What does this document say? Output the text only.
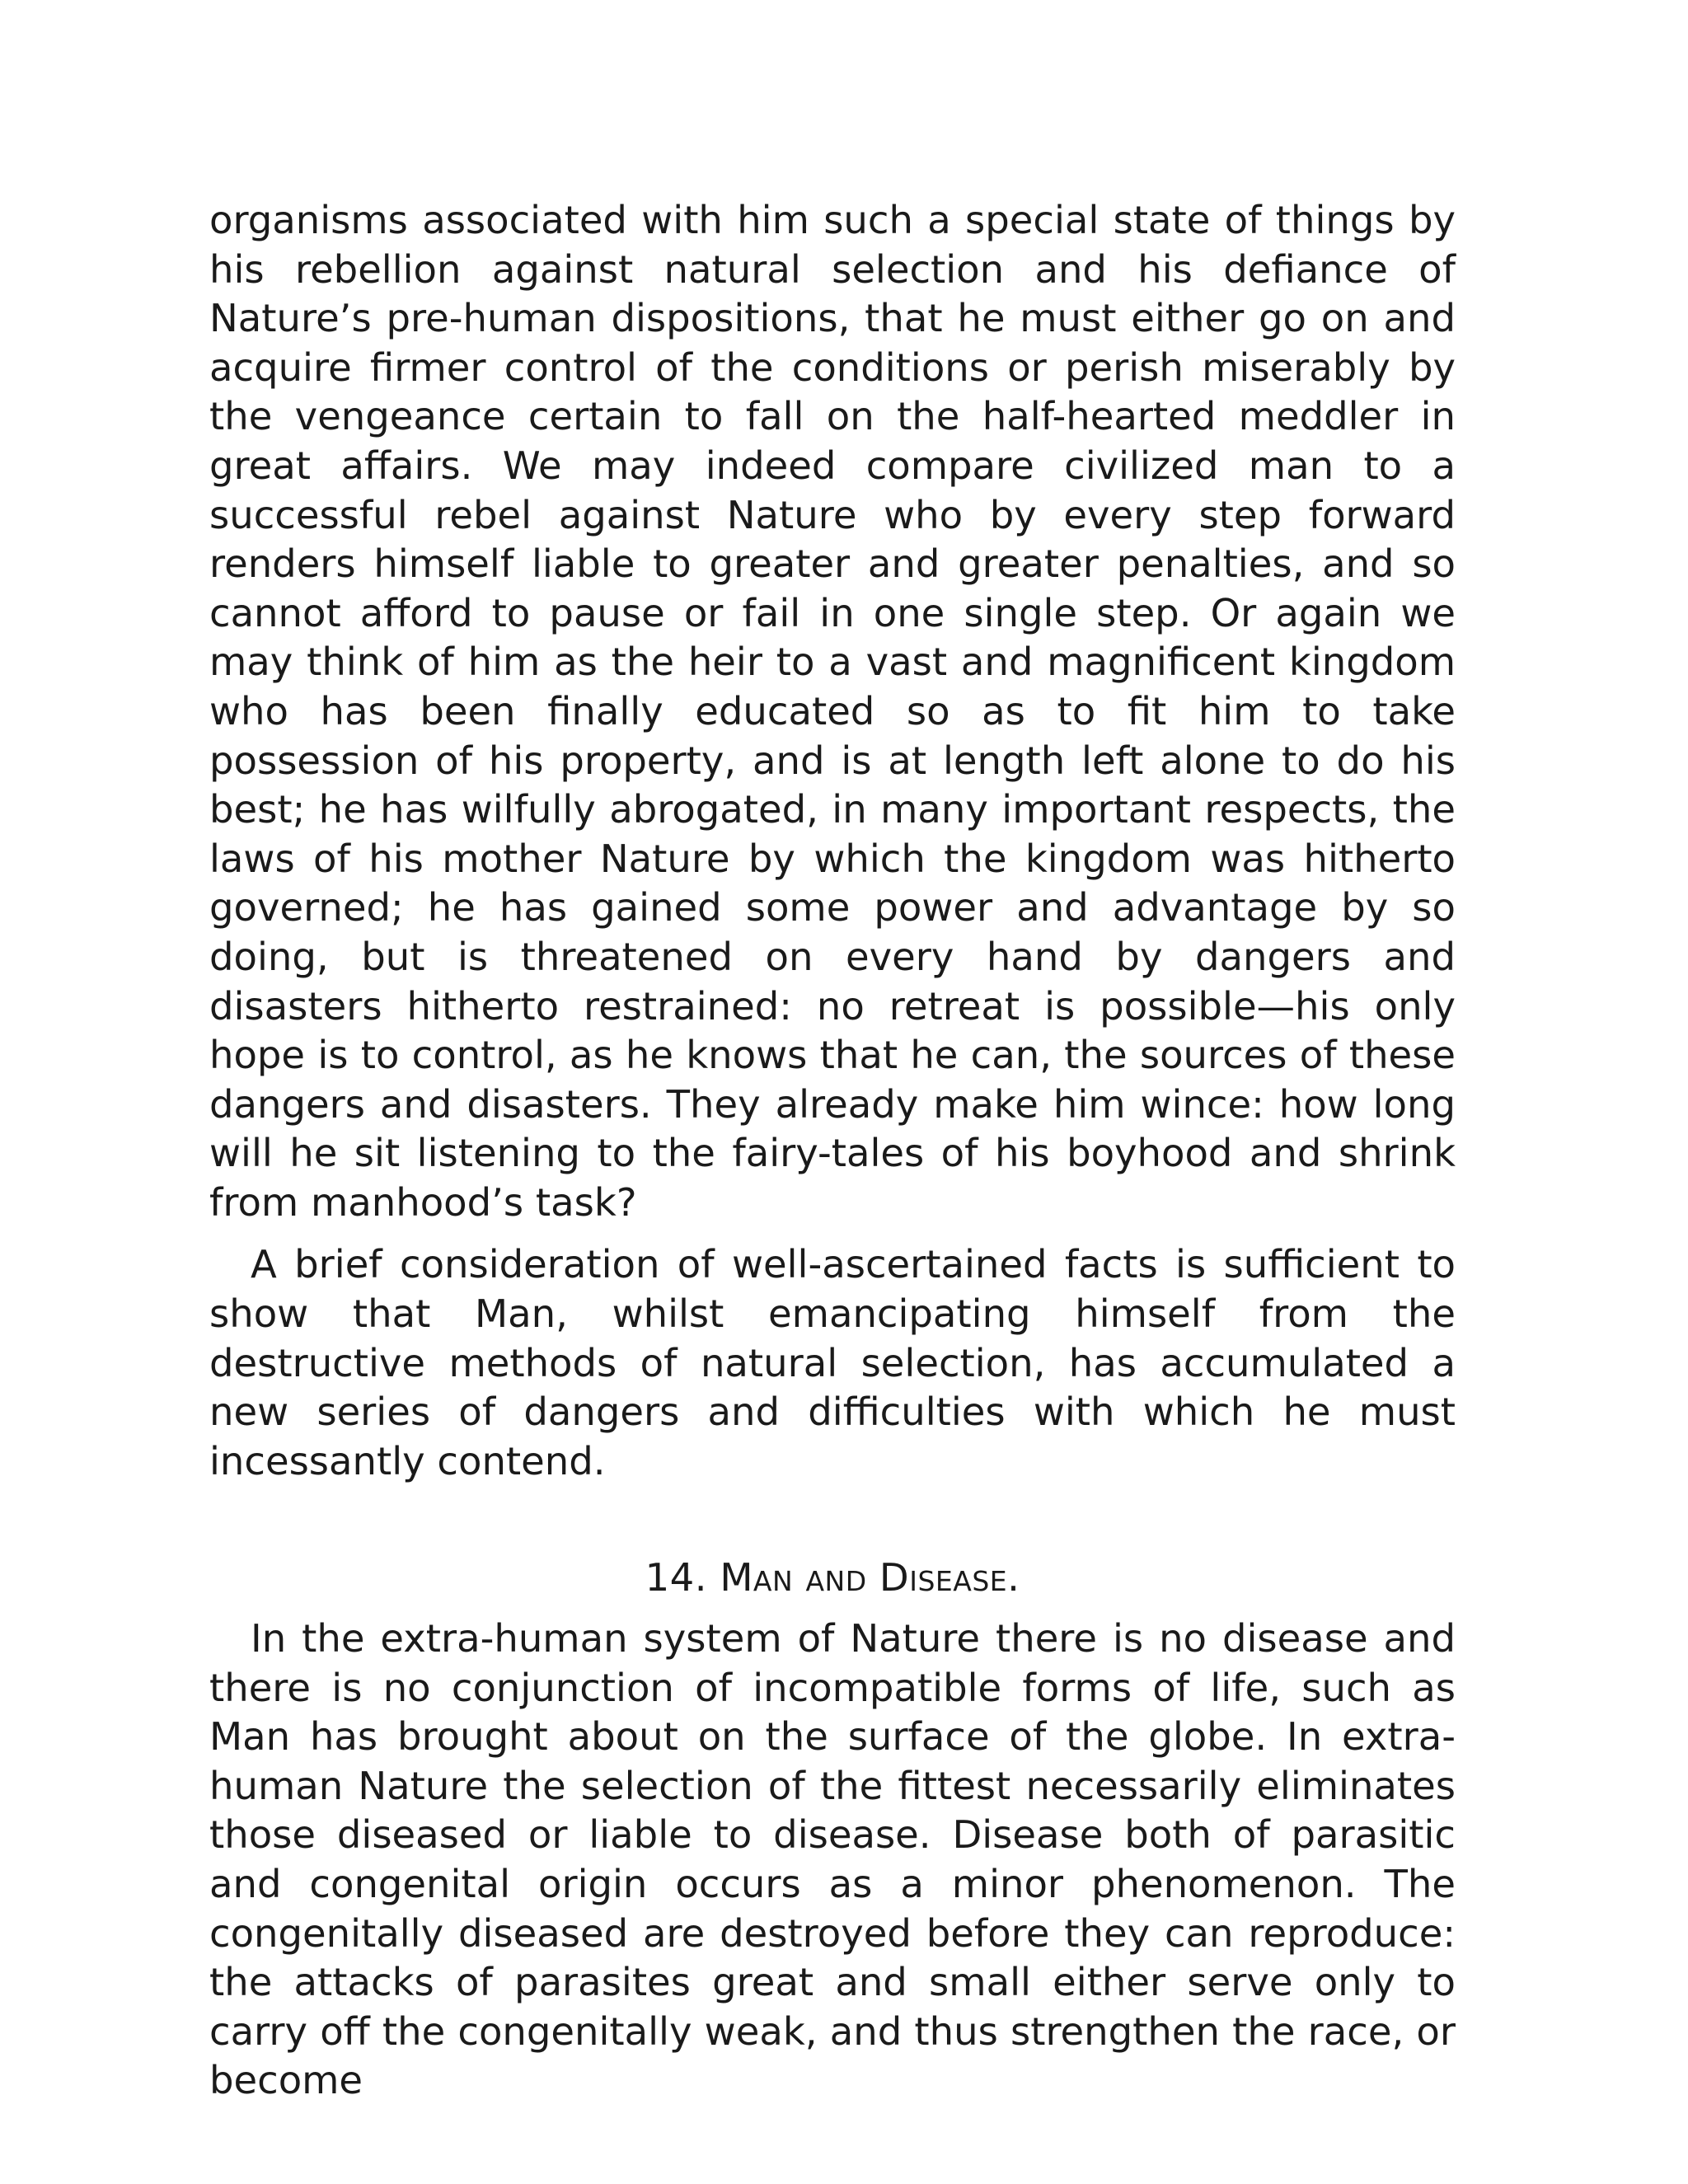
organisms associated with him such a special state of things by his rebellion against natural selection and his defiance of Nature’s pre-human dispositions, that he must either go on and acquire firmer control of the conditions or perish miserably by the vengeance certain to fall on the half-hearted meddler in great affairs. We may indeed compare civilized man to a successful rebel against Nature who by every step forward renders himself liable to greater and greater penalties, and so cannot afford to pause or fail in one single step. Or again we may think of him as the heir to a vast and magnificent kingdom who has been finally educated so as to fit him to take possession of his property, and is at length left alone to do his best; he has wilfully abrogated, in many important respects, the laws of his mother Nature by which the kingdom was hitherto governed; he has gained some power and advantage by so doing, but is threatened on every hand by dangers and disasters hitherto restrained: no retreat is possible—his only hope is to control, as he knows that he can, the sources of these dangers and disasters. They already make him wince: how long will he sit listening to the fairy-tales of his boyhood and shrink from manhood’s task?

A brief consideration of well-ascertained facts is sufficient to show that Man, whilst emancipating himself from the destructive methods of natural selection, has accumulated a new series of dangers and difficulties with which he must incessantly contend.

14. Man and Disease.

In the extra-human system of Nature there is no disease and there is no conjunction of incompatible forms of life, such as Man has brought about on the surface of the globe. In extra-human Nature the selection of the fittest necessarily eliminates those diseased or liable to disease. Disease both of parasitic and congenital origin occurs as a minor phenomenon. The congenitally diseased are destroyed before they can reproduce: the attacks of parasites great and small either serve only to carry off the congenitally weak, and thus strengthen the race, or become
